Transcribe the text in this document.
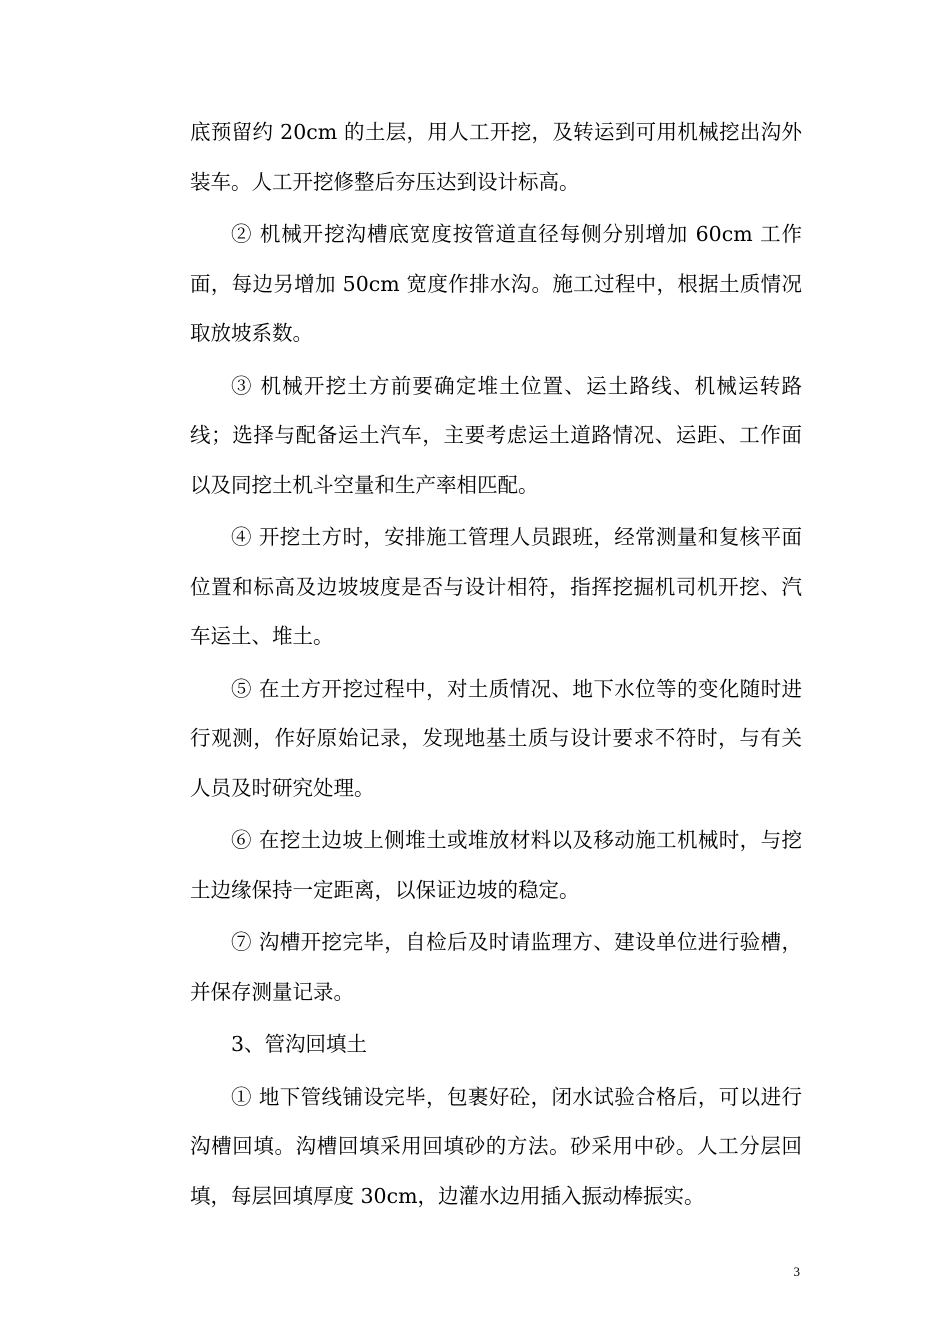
底预留约 20cm 的土层，用人工开挖，及转运到可用机械挖出沟外装车。人工开挖修整后夯压达到设计标高。

② 机械开挖沟槽底宽度按管道直径每侧分别增加 60cm 工作面，每边另增加 50cm 宽度作排水沟。施工过程中，根据土质情况取放坡系数。

③ 机械开挖土方前要确定堆土位置、运土路线、机械运转路线；选择与配备运土汽车，主要考虑运土道路情况、运距、工作面以及同挖土机斗空量和生产率相匹配。

④ 开挖土方时，安排施工管理人员跟班，经常测量和复核平面位置和标高及边坡坡度是否与设计相符，指挥挖掘机司机开挖、汽车运土、堆土。

⑤ 在土方开挖过程中，对土质情况、地下水位等的变化随时进行观测，作好原始记录，发现地基土质与设计要求不符时，与有关人员及时研究处理。

⑥ 在挖土边坡上侧堆土或堆放材料以及移动施工机械时，与挖土边缘保持一定距离，以保证边坡的稳定。

⑦ 沟槽开挖完毕，自检后及时请监理方、建设单位进行验槽，并保存测量记录。

3、管沟回填土

① 地下管线铺设完毕，包裹好砼，闭水试验合格后，可以进行沟槽回填。沟槽回填采用回填砂的方法。砂采用中砂。人工分层回填，每层回填厚度 30cm，边灌水边用插入振动棒振实。

3
